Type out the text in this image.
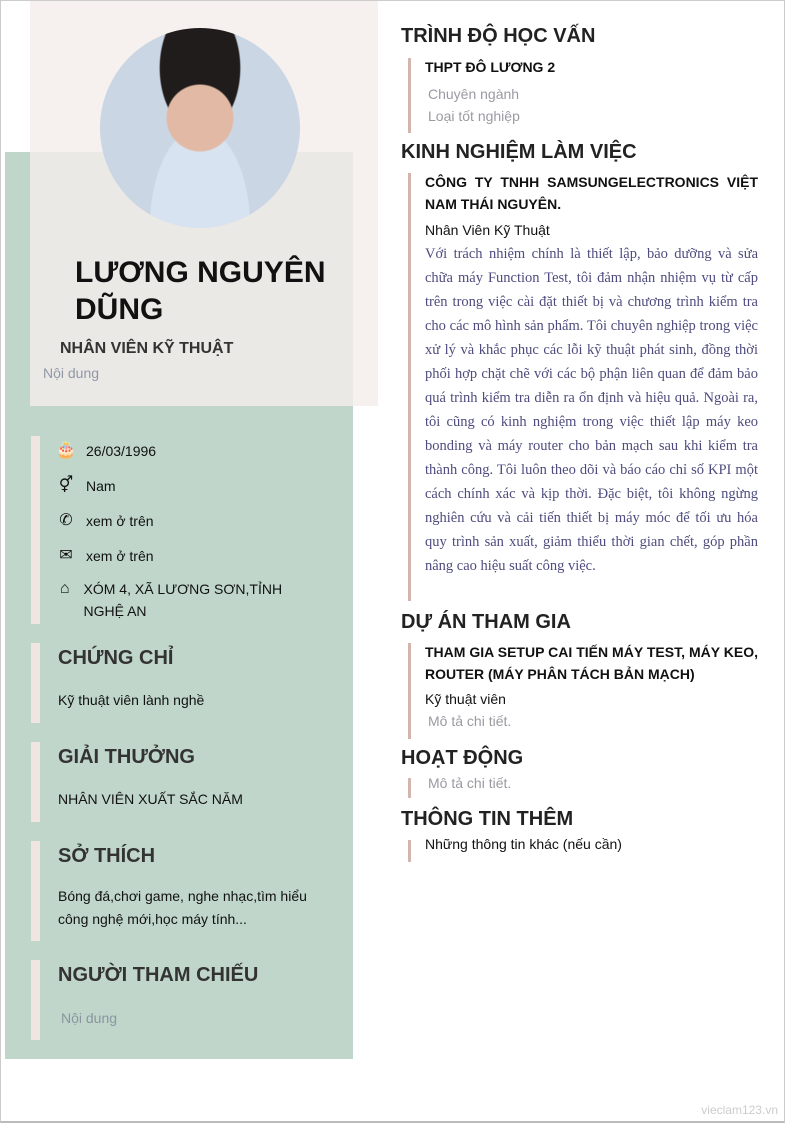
LƯƠNG NGUYÊN DŨNG
NHÂN VIÊN KỸ THUẬT
Nội dung
🎂 26/03/1996
⚥ Nam
✆ xem ở trên
✉ xem ở trên
⌂ XÓM 4, XÃ LƯƠNG SƠN,TỈNH NGHỆ AN
CHỨNG CHỈ
Kỹ thuật viên lành nghề
GIẢI THƯỞNG
NHÂN VIÊN XUẤT SẮC NĂM
SỞ THÍCH
Bóng đá,chơi game, nghe nhạc,tìm hiểu công nghệ mới,học máy tính...
NGƯỜI THAM CHIẾU
Nội dung
TRÌNH ĐỘ HỌC VẤN
THPT ĐÔ LƯƠNG 2
Chuyên ngành
Loại tốt nghiệp
KINH NGHIỆM LÀM VIỆC
CÔNG TY TNHH SAMSUNGELECTRONICS VIỆT NAM THÁI NGUYÊN.
Nhân Viên Kỹ Thuật
Với trách nhiệm chính là thiết lập, bảo dưỡng và sửa chữa máy Function Test, tôi đảm nhận nhiệm vụ từ cấp trên trong việc cài đặt thiết bị và chương trình kiểm tra cho các mô hình sản phẩm. Tôi chuyên nghiệp trong việc xử lý và khắc phục các lỗi kỹ thuật phát sinh, đồng thời phối hợp chặt chẽ với các bộ phận liên quan để đảm bảo quá trình kiểm tra diễn ra ổn định và hiệu quả. Ngoài ra, tôi cũng có kinh nghiệm trong việc thiết lập máy keo bonding và máy router cho bản mạch sau khi kiểm tra thành công. Tôi luôn theo dõi và báo cáo chỉ số KPI một cách chính xác và kịp thời. Đặc biệt, tôi không ngừng nghiên cứu và cải tiến thiết bị máy móc để tối ưu hóa quy trình sản xuất, giảm thiểu thời gian chết, góp phần nâng cao hiệu suất công việc.
DỰ ÁN THAM GIA
THAM GIA SETUP CAI TIẾN MÁY TEST, MÁY KEO, ROUTER (MÁY PHÂN TÁCH BẢN MẠCH)
Kỹ thuật viên
Mô tả chi tiết.
HOẠT ĐỘNG
Mô tả chi tiết.
THÔNG TIN THÊM
Những thông tin khác (nếu cần)
vieclam123.vn
